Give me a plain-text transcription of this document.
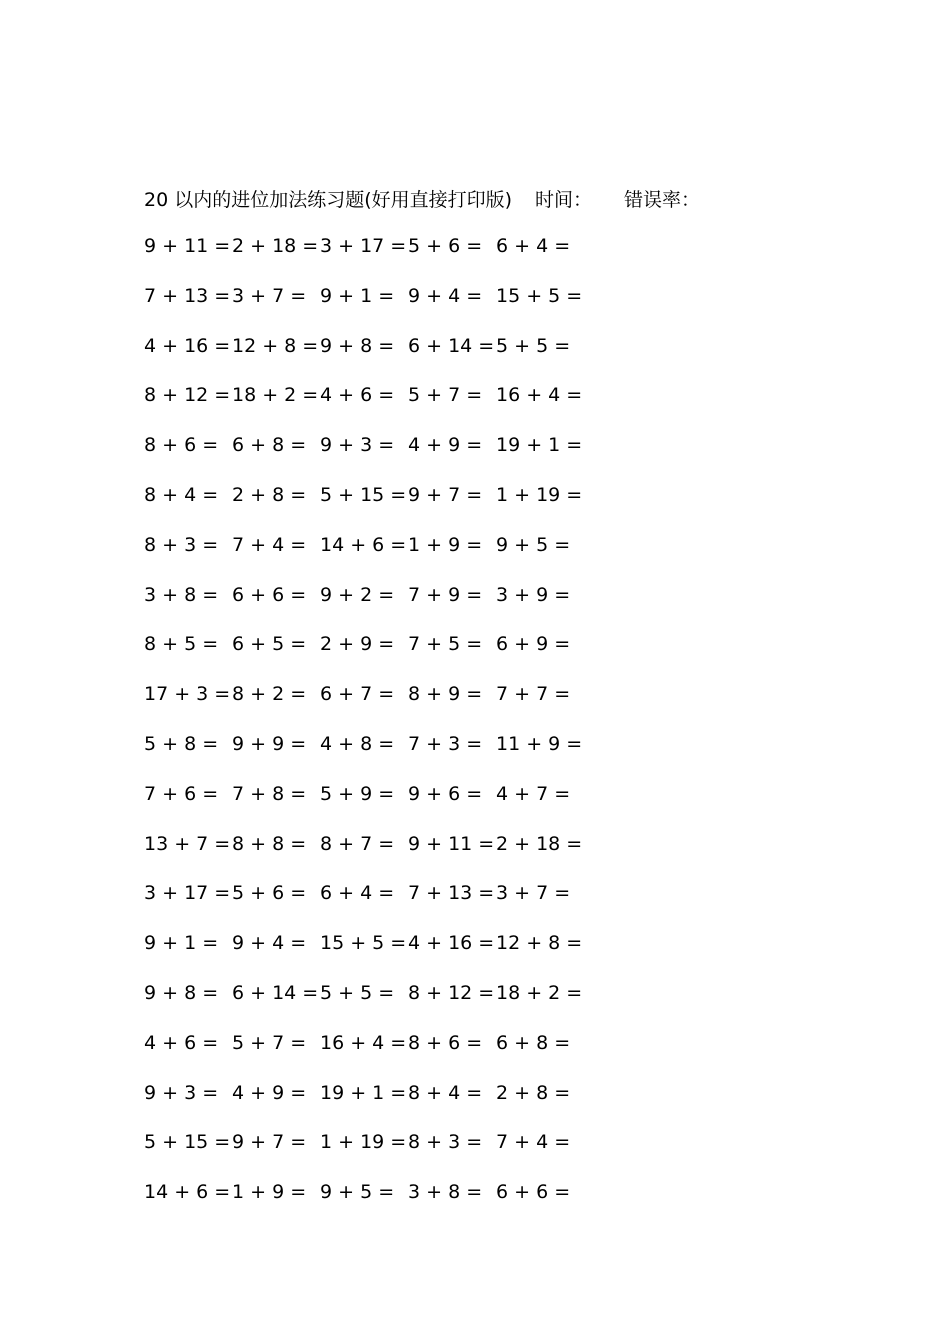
20 以内的进位加法练习题(好用直接打印版) 时间： 错误率：
9 + 11 = 2 + 18 = 3 + 17 = 5 + 6 = 6 + 4 =
7 + 13 = 3 + 7 = 9 + 1 = 9 + 4 = 15 + 5 =
4 + 16 = 12 + 8 = 9 + 8 = 6 + 14 = 5 + 5 =
8 + 12 = 18 + 2 = 4 + 6 = 5 + 7 = 16 + 4 =
8 + 6 = 6 + 8 = 9 + 3 = 4 + 9 = 19 + 1 =
8 + 4 = 2 + 8 = 5 + 15 = 9 + 7 = 1 + 19 =
8 + 3 = 7 + 4 = 14 + 6 = 1 + 9 = 9 + 5 =
3 + 8 = 6 + 6 = 9 + 2 = 7 + 9 = 3 + 9 =
8 + 5 = 6 + 5 = 2 + 9 = 7 + 5 = 6 + 9 =
17 + 3 = 8 + 2 = 6 + 7 = 8 + 9 = 7 + 7 =
5 + 8 = 9 + 9 = 4 + 8 = 7 + 3 = 11 + 9 =
7 + 6 = 7 + 8 = 5 + 9 = 9 + 6 = 4 + 7 =
13 + 7 = 8 + 8 = 8 + 7 = 9 + 11 = 2 + 18 =
3 + 17 = 5 + 6 = 6 + 4 = 7 + 13 = 3 + 7 =
9 + 1 = 9 + 4 = 15 + 5 = 4 + 16 = 12 + 8 =
9 + 8 = 6 + 14 = 5 + 5 = 8 + 12 = 18 + 2 =
4 + 6 = 5 + 7 = 16 + 4 = 8 + 6 = 6 + 8 =
9 + 3 = 4 + 9 = 19 + 1 = 8 + 4 = 2 + 8 =
5 + 15 = 9 + 7 = 1 + 19 = 8 + 3 = 7 + 4 =
14 + 6 = 1 + 9 = 9 + 5 = 3 + 8 = 6 + 6 =
